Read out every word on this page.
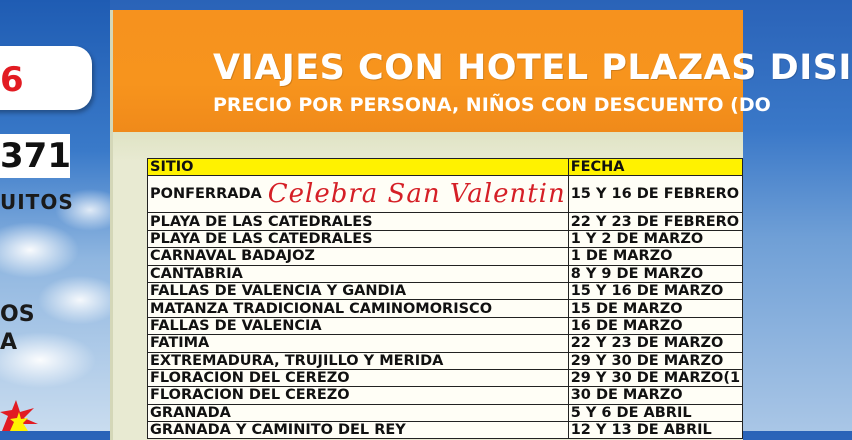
6
371
UITOS
OS
A
VIAJES CON HOTEL PLAZAS DISI
PRECIO POR PERSONA, NIÑOS CON DESCUENTO (DO
SITIO	FECHA
PONFERRADA Celebra San Valentin	15 Y 16 DE FEBRERO
PLAYA DE LAS CATEDRALES	22 Y 23 DE FEBRERO
PLAYA DE LAS CATEDRALES	1 Y 2 DE MARZO
CARNAVAL BADAJOZ	1 DE MARZO
CANTABRIA	8 Y 9 DE MARZO
FALLAS DE VALENCIA Y GANDIA	15 Y 16 DE MARZO
MATANZA TRADICIONAL CAMINOMORISCO	15 DE MARZO
FALLAS DE VALENCIA	16 DE MARZO
FATIMA	22 Y 23 DE MARZO
EXTREMADURA, TRUJILLO Y MERIDA	29 Y 30 DE MARZO
FLORACION DEL CEREZO	29 Y 30 DE MARZO(1
FLORACION DEL CEREZO	30 DE MARZO
GRANADA	5 Y 6 DE ABRIL
GRANADA Y CAMINITO DEL REY	12 Y 13 DE ABRIL
